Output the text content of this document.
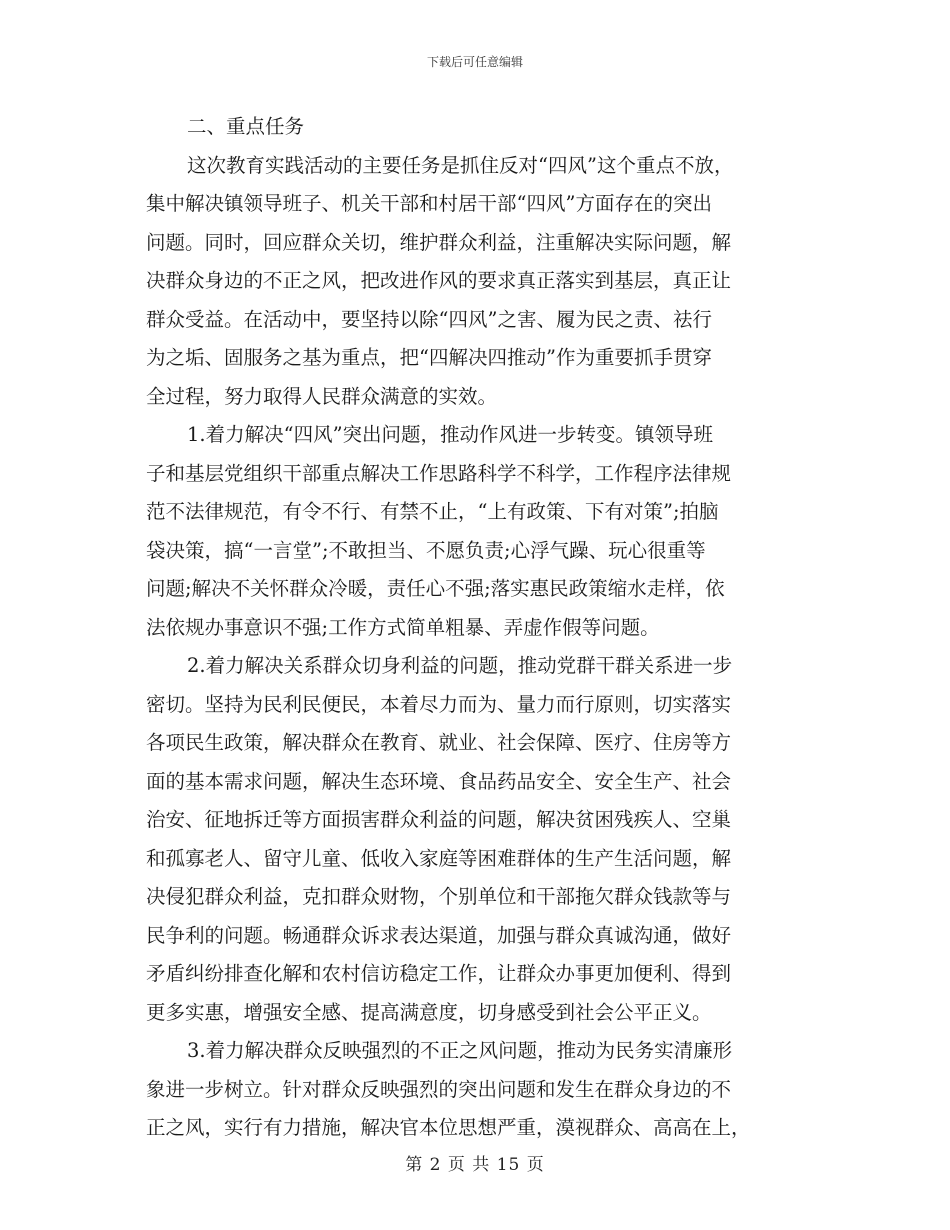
下载后可任意编辑
二、重点任务
这次教育实践活动的主要任务是抓住反对“四风”这个重点不放，
集中解决镇领导班子、机关干部和村居干部“四风”方面存在的突出
问题。同时，回应群众关切，维护群众利益，注重解决实际问题，解
决群众身边的不正之风，把改进作风的要求真正落实到基层，真正让
群众受益。在活动中，要坚持以除“四风”之害、履为民之责、祛行
为之垢、固服务之基为重点，把“四解决四推动”作为重要抓手贯穿
全过程，努力取得人民群众满意的实效。
1.着力解决“四风”突出问题，推动作风进一步转变。镇领导班
子和基层党组织干部重点解决工作思路科学不科学，工作程序法律规
范不法律规范，有令不行、有禁不止，“上有政策、下有对策”;拍脑
袋决策，搞“一言堂”;不敢担当、不愿负责;心浮气躁、玩心很重等
问题;解决不关怀群众冷暖，责任心不强;落实惠民政策缩水走样，依
法依规办事意识不强;工作方式简单粗暴、弄虚作假等问题。
2.着力解决关系群众切身利益的问题，推动党群干群关系进一步
密切。坚持为民利民便民，本着尽力而为、量力而行原则，切实落实
各项民生政策，解决群众在教育、就业、社会保障、医疗、住房等方
面的基本需求问题，解决生态环境、食品药品安全、安全生产、社会
治安、征地拆迁等方面损害群众利益的问题，解决贫困残疾人、空巢
和孤寡老人、留守儿童、低收入家庭等困难群体的生产生活问题，解
决侵犯群众利益，克扣群众财物，个别单位和干部拖欠群众钱款等与
民争利的问题。畅通群众诉求表达渠道，加强与群众真诚沟通，做好
矛盾纠纷排查化解和农村信访稳定工作，让群众办事更加便利、得到
更多实惠，增强安全感、提高满意度，切身感受到社会公平正义。
3.着力解决群众反映强烈的不正之风问题，推动为民务实清廉形
象进一步树立。针对群众反映强烈的突出问题和发生在群众身边的不
正之风，实行有力措施，解决官本位思想严重，漠视群众、高高在上，
第 2 页 共 15 页
